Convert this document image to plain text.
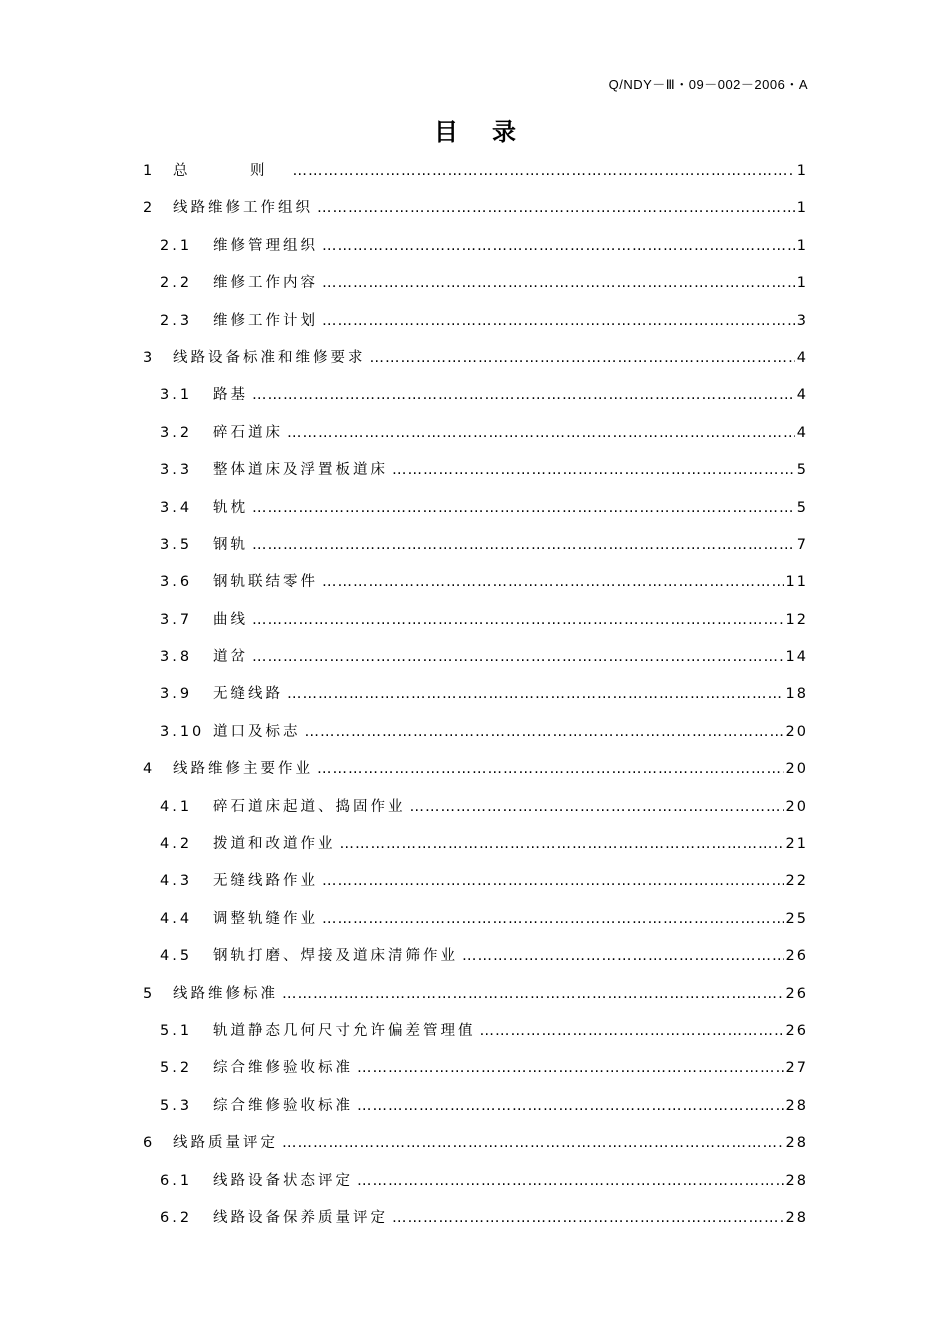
Q/NDY－Ⅲ・09－002－2006・A
目录
1	总　则 …………………………………………………………………………………………………………………………………………………………………………………………	1
2	线路维修工作组织 …………………………………………………………………………………………………………………………………………………………………………………………	1
2.1	维修管理组织 …………………………………………………………………………………………………………………………………………………………………………………………	1
2.2	维修工作内容 …………………………………………………………………………………………………………………………………………………………………………………………	1
2.3	维修工作计划 …………………………………………………………………………………………………………………………………………………………………………………………	3
3	线路设备标准和维修要求 …………………………………………………………………………………………………………………………………………………………………………………………	4
3.1	路基 …………………………………………………………………………………………………………………………………………………………………………………………	4
3.2	碎石道床 …………………………………………………………………………………………………………………………………………………………………………………………	4
3.3	整体道床及浮置板道床 …………………………………………………………………………………………………………………………………………………………………………………………	5
3.4	轨枕 …………………………………………………………………………………………………………………………………………………………………………………………	5
3.5	钢轨 …………………………………………………………………………………………………………………………………………………………………………………………	7
3.6	钢轨联结零件 …………………………………………………………………………………………………………………………………………………………………………………………	11
3.7	曲线 …………………………………………………………………………………………………………………………………………………………………………………………	12
3.8	道岔 …………………………………………………………………………………………………………………………………………………………………………………………	14
3.9	无缝线路 …………………………………………………………………………………………………………………………………………………………………………………………	18
3.10 道口及标志 …………………………………………………………………………………………………………………………………………………………………………………………	20
4	线路维修主要作业 …………………………………………………………………………………………………………………………………………………………………………………………	20
4.1	碎石道床起道、捣固作业 …………………………………………………………………………………………………………………………………………………………………………………………	20
4.2	拨道和改道作业 …………………………………………………………………………………………………………………………………………………………………………………………	21
4.3	无缝线路作业 …………………………………………………………………………………………………………………………………………………………………………………………	22
4.4	调整轨缝作业 …………………………………………………………………………………………………………………………………………………………………………………………	25
4.5	钢轨打磨、焊接及道床清筛作业 …………………………………………………………………………………………………………………………………………………………………………………………	26
5	线路维修标准 …………………………………………………………………………………………………………………………………………………………………………………………	26
5.1	轨道静态几何尺寸允许偏差管理值 …………………………………………………………………………………………………………………………………………………………………………………………	26
5.2	综合维修验收标准 …………………………………………………………………………………………………………………………………………………………………………………………	27
5.3	综合维修验收标准 …………………………………………………………………………………………………………………………………………………………………………………………	28
6	线路质量评定 …………………………………………………………………………………………………………………………………………………………………………………………	28
6.1	线路设备状态评定 …………………………………………………………………………………………………………………………………………………………………………………………	28
6.2	线路设备保养质量评定 …………………………………………………………………………………………………………………………………………………………………………………………	28
